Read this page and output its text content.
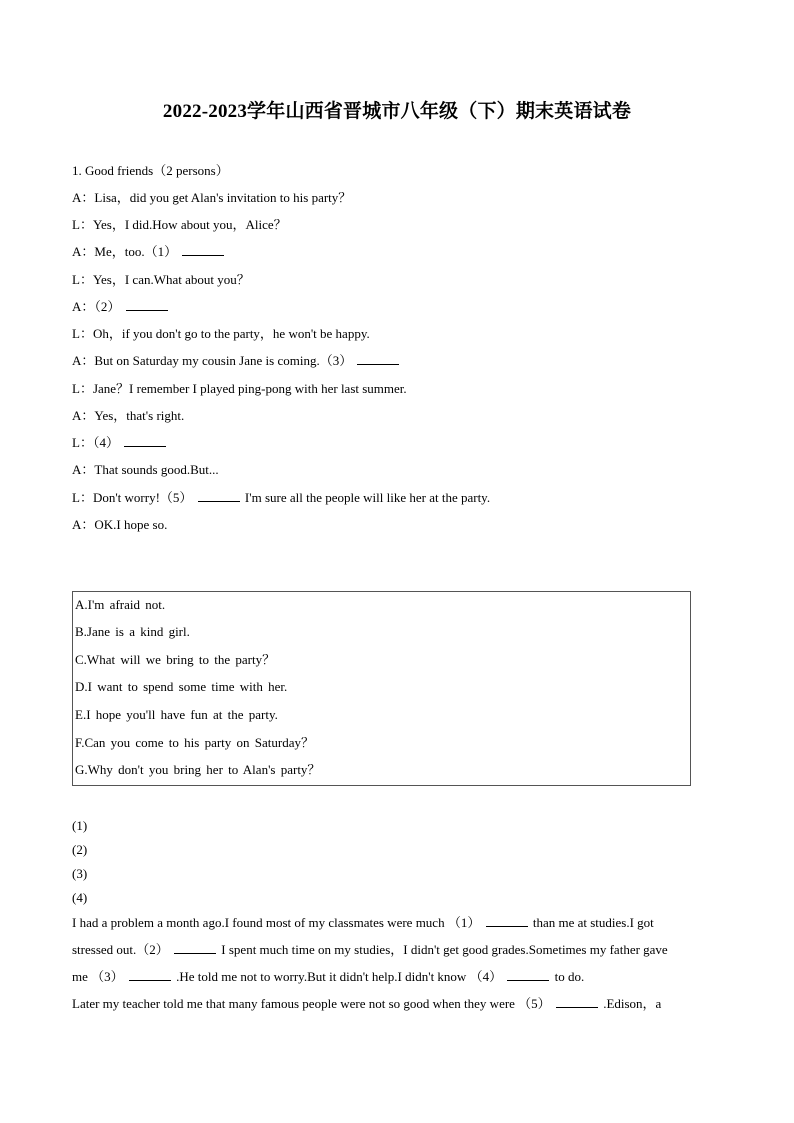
2022-2023学年山西省晋城市八年级（下）期末英语试卷
1. Good friends（2 persons）
A：Lisa，did you get Alan's invitation to his party？
L：Yes，I did.How about you，Alice？
A：Me，too.（1）
L：Yes，I can.What about you？
A：（2）
L：Oh，if you don't go to the party，he won't be happy.
A：But on Saturday my cousin Jane is coming.（3）
L：Jane？I remember I played ping-pong with her last summer.
A：Yes，that's right.
L：（4）
A：That sounds good.But...
L：Don't worry!（5）	I'm sure all the people will like her at the party.
A：OK.I hope so.
A.I'm afraid not.
B.Jane is a kind girl.
C.What will we bring to the party？
D.I want to spend some time with her.
E.I hope you'll have fun at the party.
F.Can you come to his party on Saturday？
G.Why don't you bring her to Alan's party？
(1)
(2)
(3)
(4)
I had a problem a month ago.I found most of my classmates were much （1）	than me at studies.I got
stressed out.（2）	I spent much time on my studies，I didn't get good grades.Sometimes my father gave
me （3）	.He told me not to worry.But it didn't help.I didn't know （4）	to do.
Later my teacher told me that many famous people were not so good when they were （5）	.Edison，a
